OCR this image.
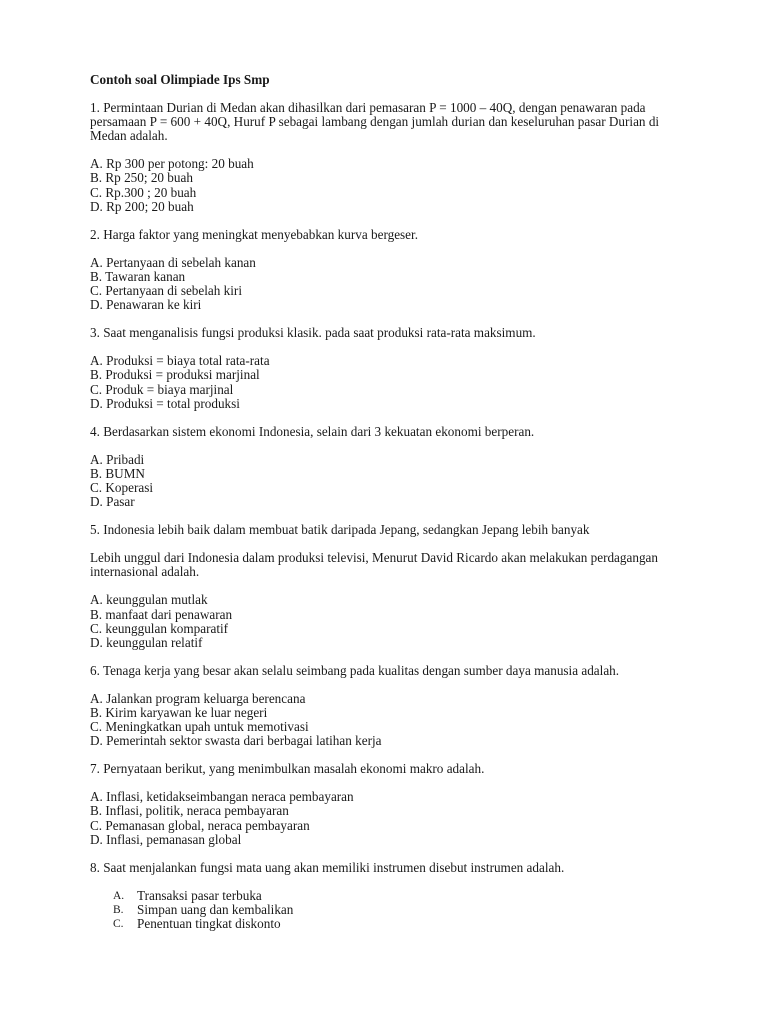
Contoh soal Olimpiade Ips Smp
1. Permintaan Durian di Medan akan dihasilkan dari pemasaran P = 1000 – 40Q, dengan penawaran pada persamaan P = 600 + 40Q, Huruf P sebagai lambang dengan jumlah durian dan keseluruhan pasar Durian di Medan adalah.
A. Rp 300 per potong: 20 buah
B. Rp 250; 20 buah
C. Rp.300 ; 20 buah
D. Rp 200; 20 buah
2. Harga faktor yang meningkat menyebabkan kurva bergeser.
A. Pertanyaan di sebelah kanan
B. Tawaran kanan
C. Pertanyaan di sebelah kiri
D. Penawaran ke kiri
3. Saat menganalisis fungsi produksi klasik. pada saat produksi rata-rata maksimum.
A. Produksi = biaya total rata-rata
B. Produksi = produksi marjinal
C. Produk = biaya marjinal
D. Produksi = total produksi
4. Berdasarkan sistem ekonomi Indonesia, selain dari 3 kekuatan ekonomi berperan.
A. Pribadi
B. BUMN
C. Koperasi
D. Pasar
5. Indonesia lebih baik dalam membuat batik daripada Jepang, sedangkan Jepang lebih banyak
Lebih unggul dari Indonesia dalam produksi televisi, Menurut David Ricardo akan melakukan perdagangan internasional adalah.
A. keunggulan mutlak
B. manfaat dari penawaran
C. keunggulan komparatif
D. keunggulan relatif
6. Tenaga kerja yang besar akan selalu seimbang pada kualitas dengan sumber daya manusia adalah.
A. Jalankan program keluarga berencana
B. Kirim karyawan ke luar negeri
C. Meningkatkan upah untuk memotivasi
D. Pemerintah sektor swasta dari berbagai latihan kerja
7. Pernyataan berikut, yang menimbulkan masalah ekonomi makro adalah.
A. Inflasi, ketidakseimbangan neraca pembayaran
B. Inflasi, politik, neraca pembayaran
C. Pemanasan global, neraca pembayaran
D. Inflasi, pemanasan global
8. Saat menjalankan fungsi mata uang akan memiliki instrumen disebut instrumen adalah.
A. Transaksi pasar terbuka
B.	Simpan uang dan kembalikan
C.	Penentuan tingkat diskonto
